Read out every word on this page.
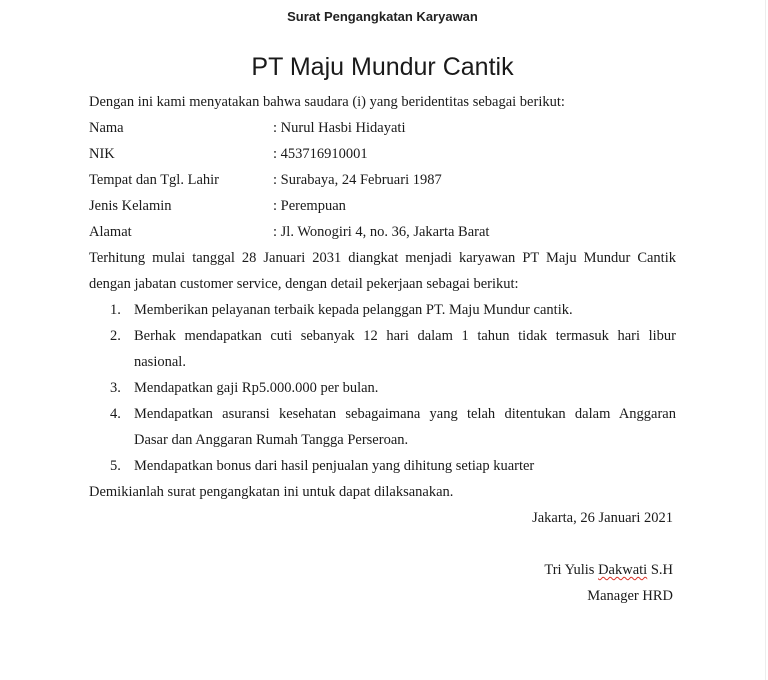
Surat Pengangkatan Karyawan
PT Maju Mundur Cantik
Dengan ini kami menyatakan bahwa saudara (i) yang beridentitas sebagai berikut:
Nama	: Nurul Hasbi Hidayati
NIK	: 453716910001
Tempat dan Tgl. Lahir	: Surabaya, 24 Februari 1987
Jenis Kelamin	: Perempuan
Alamat	: Jl. Wonogiri 4, no. 36, Jakarta Barat
Terhitung mulai tanggal 28 Januari 2031 diangkat menjadi karyawan PT Maju Mundur Cantik
dengan jabatan customer service, dengan detail pekerjaan sebagai berikut:
1. Memberikan pelayanan terbaik kepada pelanggan PT. Maju Mundur cantik.
2. Berhak mendapatkan cuti sebanyak 12 hari dalam 1 tahun tidak termasuk hari libur
nasional.
3. Mendapatkan gaji Rp5.000.000 per bulan.
4. Mendapatkan asuransi kesehatan sebagaimana yang telah ditentukan dalam Anggaran
Dasar dan Anggaran Rumah Tangga Perseroan.
5. Mendapatkan bonus dari hasil penjualan yang dihitung setiap kuarter
Demikianlah surat pengangkatan ini untuk dapat dilaksanakan.
Jakarta, 26 Januari 2021
Tri Yulis Dakwati S.H
Manager HRD
